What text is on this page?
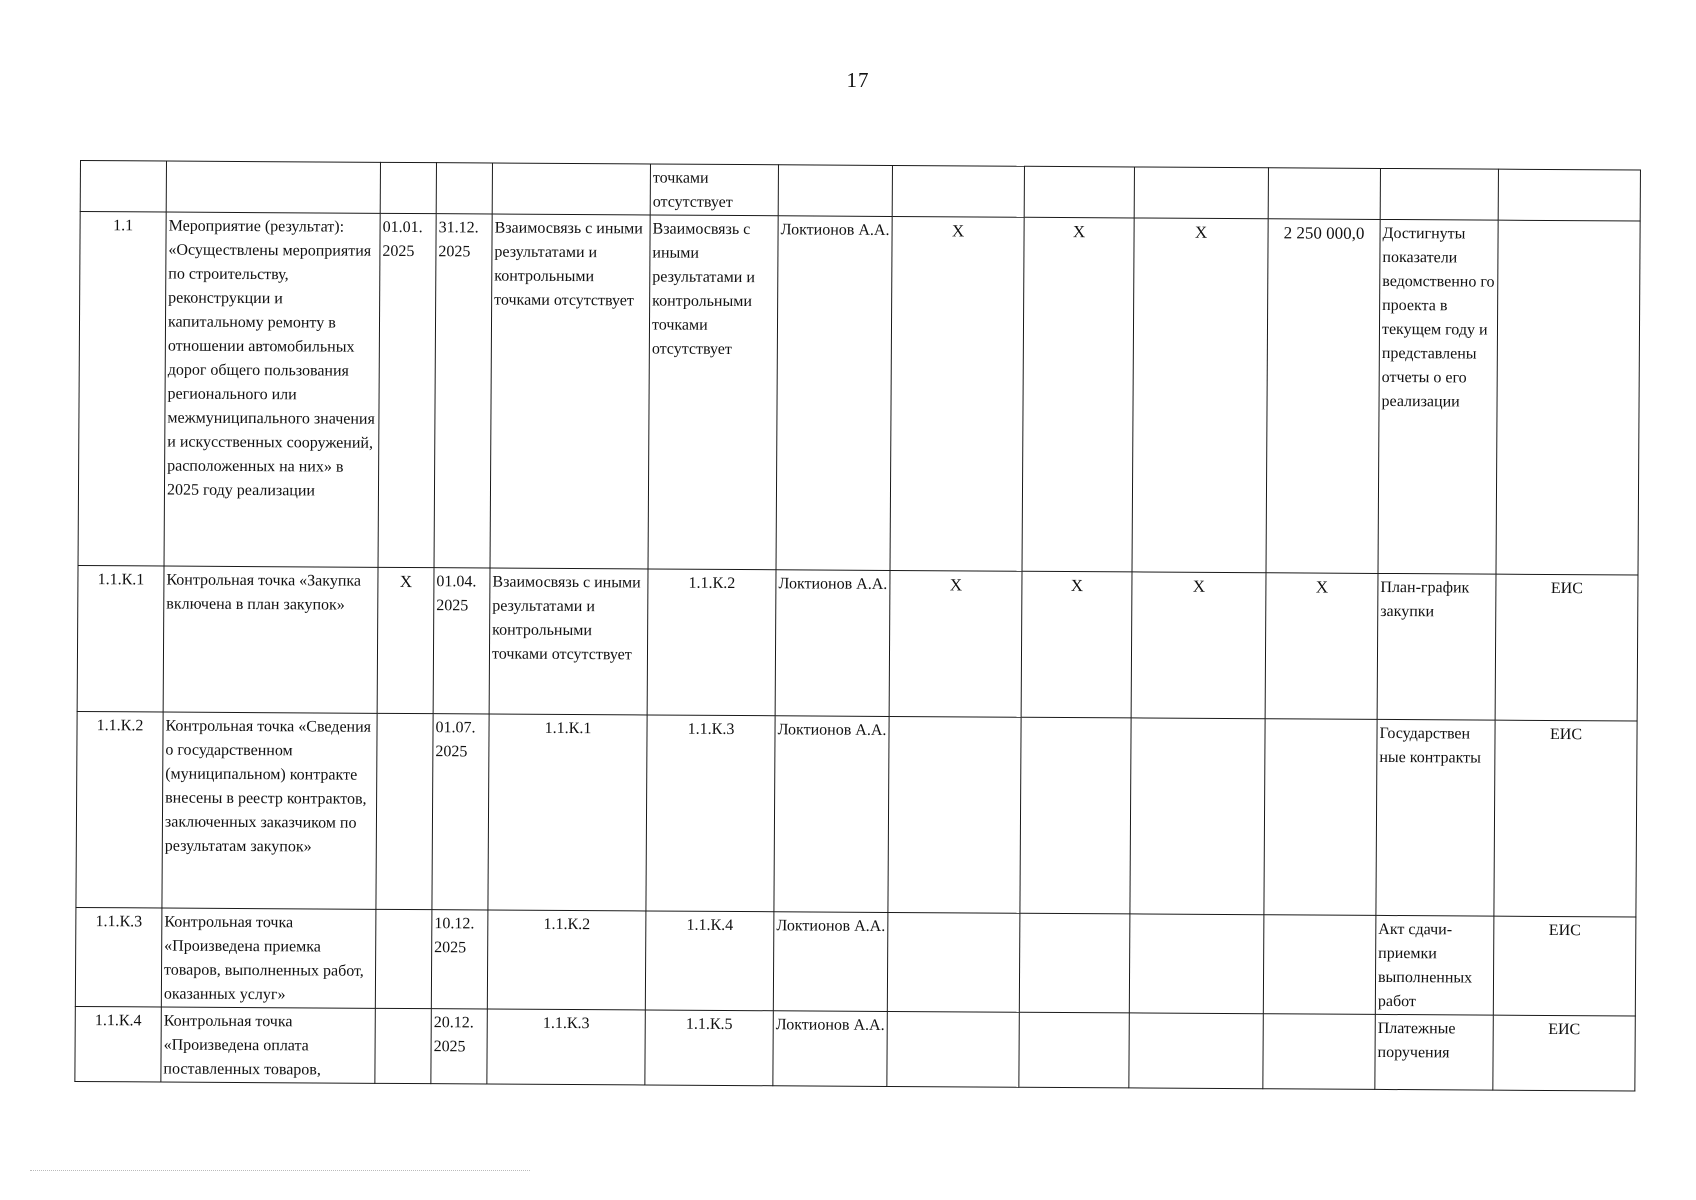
17
					точками отсутствует							
1.1	Мероприятие (результат): «Осуществлены мероприятия по строительству, реконструкции и капитальному ремонту в отношении автомобильных дорог общего пользования регионального или межмуниципального значения и искусственных сооружений, расположенных на них» в 2025 году реализации	01.01. 2025	31.12. 2025	Взаимосвязь с иными результатами и контрольными точками отсутствует	Взаимосвязь с иными результатами и контрольными точками отсутствует	Локтионов А.А.	X	X	X	2 250 000,0	Достигнуты показатели ведомственно го проекта в текущем году и представлены отчеты о его реализации	
1.1.К.1	Контрольная точка «Закупка включена в план закупок»	X	01.04. 2025	Взаимосвязь с иными результатами и контрольными точками отсутствует	1.1.К.2	Локтионов А.А.	X	X	X	X	План-график закупки	ЕИС
1.1.К.2	Контрольная точка «Сведения о государственном (муниципальном) контракте внесены в реестр контрактов, заключенных заказчиком по результатам закупок»		01.07. 2025	1.1.К.1	1.1.К.3	Локтионов А.А.					Государствен ные контракты	ЕИС
1.1.К.3	Контрольная точка «Произведена приемка товаров, выполненных работ, оказанных услуг»		10.12. 2025	1.1.К.2	1.1.К.4	Локтионов А.А.					Акт сдачи-приемки выполненных работ	ЕИС
1.1.К.4	Контрольная точка «Произведена оплата поставленных товаров,		20.12. 2025	1.1.К.3	1.1.К.5	Локтионов А.А.					Платежные поручения	ЕИС
